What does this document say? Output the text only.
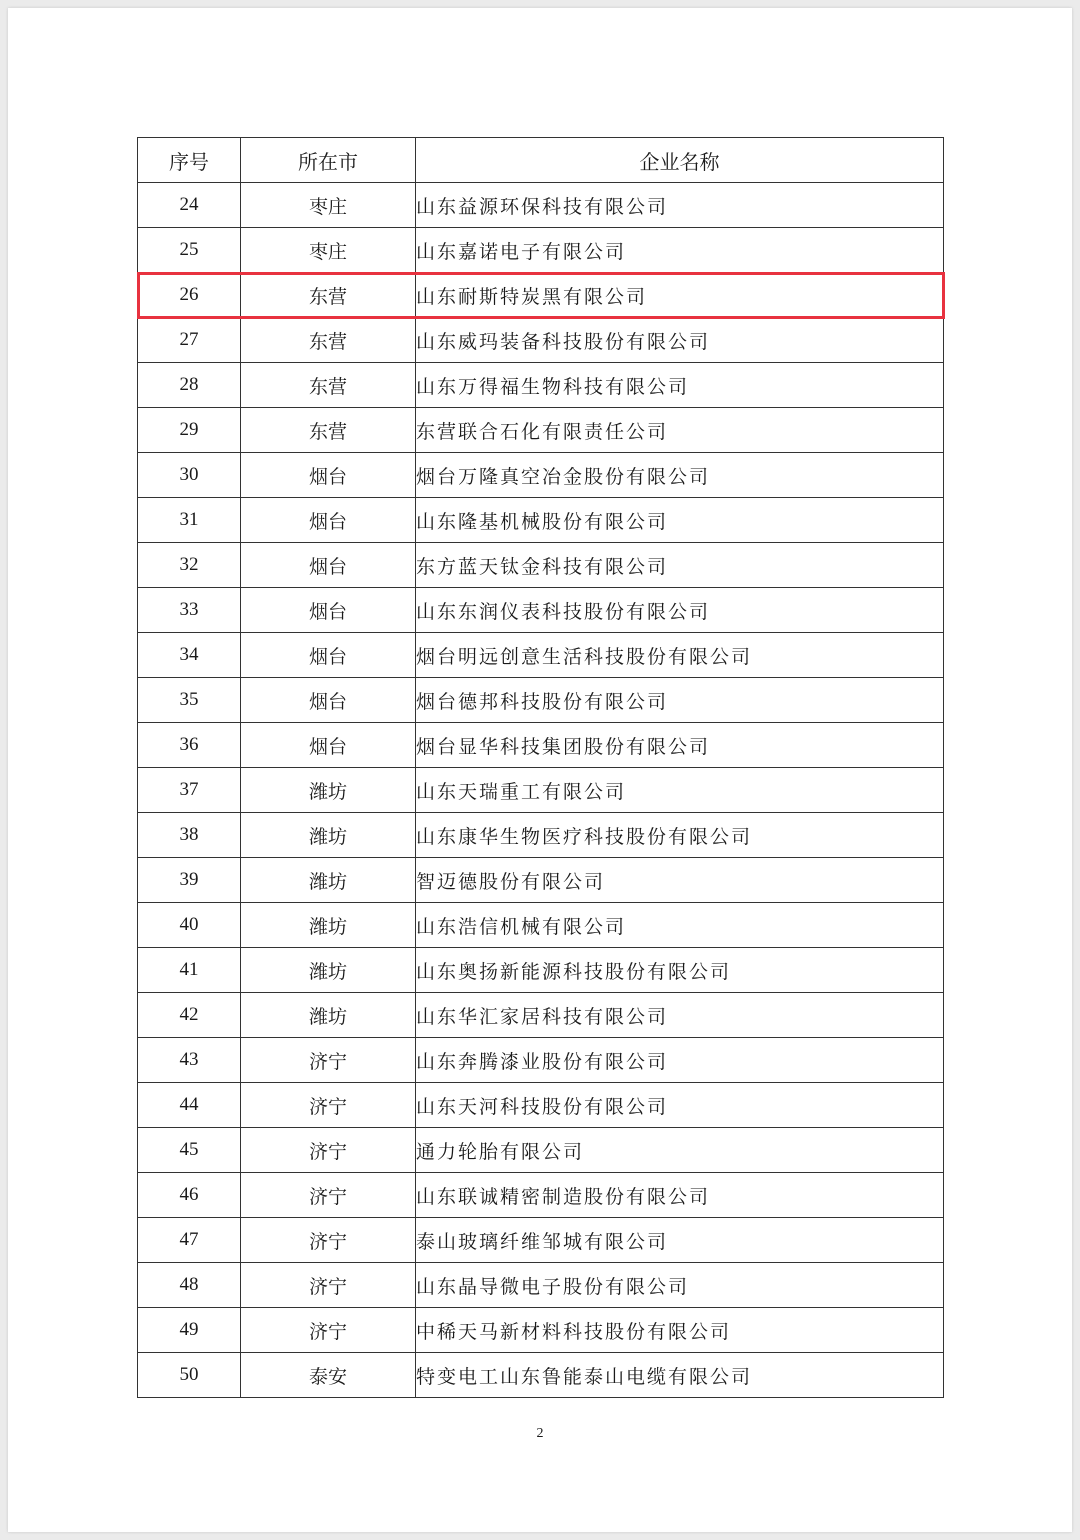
序号	所在市	企业名称
24	枣庄	山东益源环保科技有限公司
25	枣庄	山东嘉诺电子有限公司
26	东营	山东耐斯特炭黑有限公司
27	东营	山东威玛装备科技股份有限公司
28	东营	山东万得福生物科技有限公司
29	东营	东营联合石化有限责任公司
30	烟台	烟台万隆真空冶金股份有限公司
31	烟台	山东隆基机械股份有限公司
32	烟台	东方蓝天钛金科技有限公司
33	烟台	山东东润仪表科技股份有限公司
34	烟台	烟台明远创意生活科技股份有限公司
35	烟台	烟台德邦科技股份有限公司
36	烟台	烟台显华科技集团股份有限公司
37	潍坊	山东天瑞重工有限公司
38	潍坊	山东康华生物医疗科技股份有限公司
39	潍坊	智迈德股份有限公司
40	潍坊	山东浩信机械有限公司
41	潍坊	山东奥扬新能源科技股份有限公司
42	潍坊	山东华汇家居科技有限公司
43	济宁	山东奔腾漆业股份有限公司
44	济宁	山东天河科技股份有限公司
45	济宁	通力轮胎有限公司
46	济宁	山东联诚精密制造股份有限公司
47	济宁	泰山玻璃纤维邹城有限公司
48	济宁	山东晶导微电子股份有限公司
49	济宁	中稀天马新材料科技股份有限公司
50	泰安	特变电工山东鲁能泰山电缆有限公司
2
